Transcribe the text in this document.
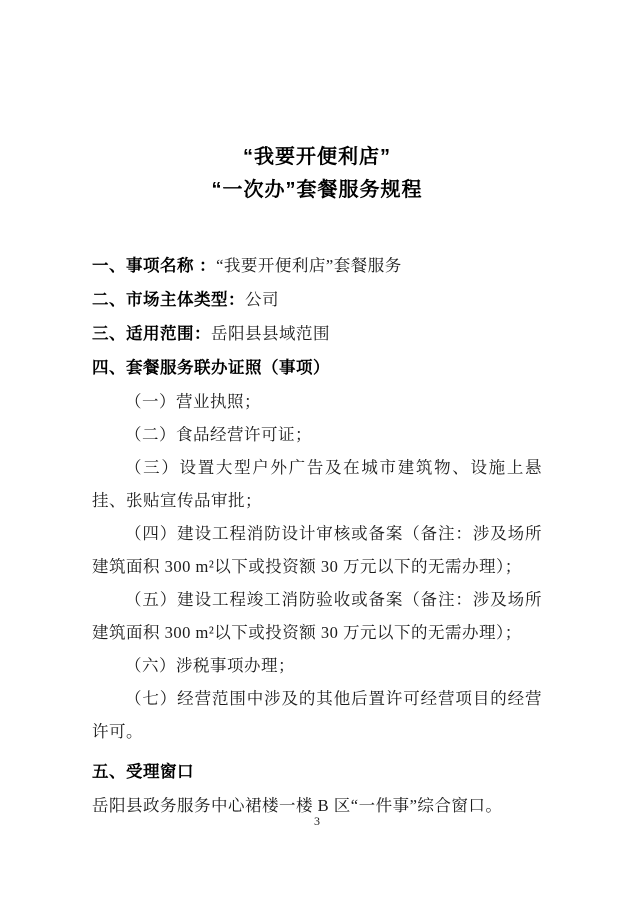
“我要开便利店”
“一次办”套餐服务规程

一、事项名称 ：“我要开便利店”套餐服务

二、市场主体类型：公司

三、适用范围：岳阳县县域范围

四、套餐服务联办证照（事项）

（一）营业执照；

（二）食品经营许可证；

（三）设置大型户外广告及在城市建筑物、设施上悬挂、张贴宣传品审批；

（四）建设工程消防设计审核或备案（备注：涉及场所建筑面积 300 m²以下或投资额 30 万元以下的无需办理）；

（五）建设工程竣工消防验收或备案（备注：涉及场所建筑面积 300 m²以下或投资额 30 万元以下的无需办理）；

（六）涉税事项办理；

（七）经营范围中涉及的其他后置许可经营项目的经营许可。

五、受理窗口

岳阳县政务服务中心裙楼一楼 B 区“一件事”综合窗口。

3
